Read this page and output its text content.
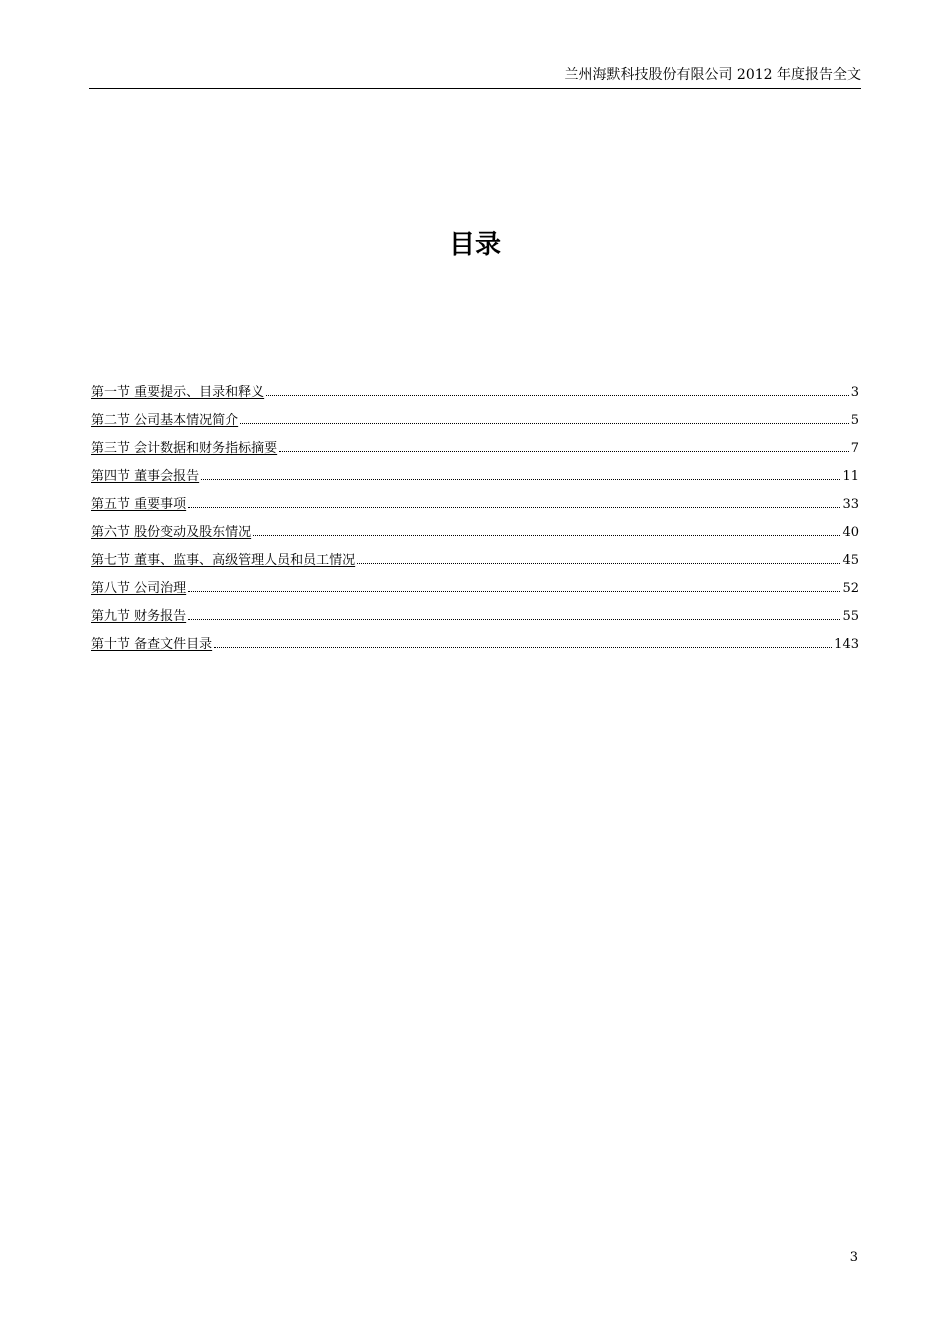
兰州海默科技股份有限公司 2012 年度报告全文
目录
第一节 重要提示、目录和释义	3
第二节 公司基本情况简介	5
第三节 会计数据和财务指标摘要	7
第四节 董事会报告	11
第五节 重要事项	33
第六节 股份变动及股东情况	40
第七节 董事、监事、高级管理人员和员工情况	45
第八节 公司治理	52
第九节 财务报告	55
第十节 备查文件目录	143
3
